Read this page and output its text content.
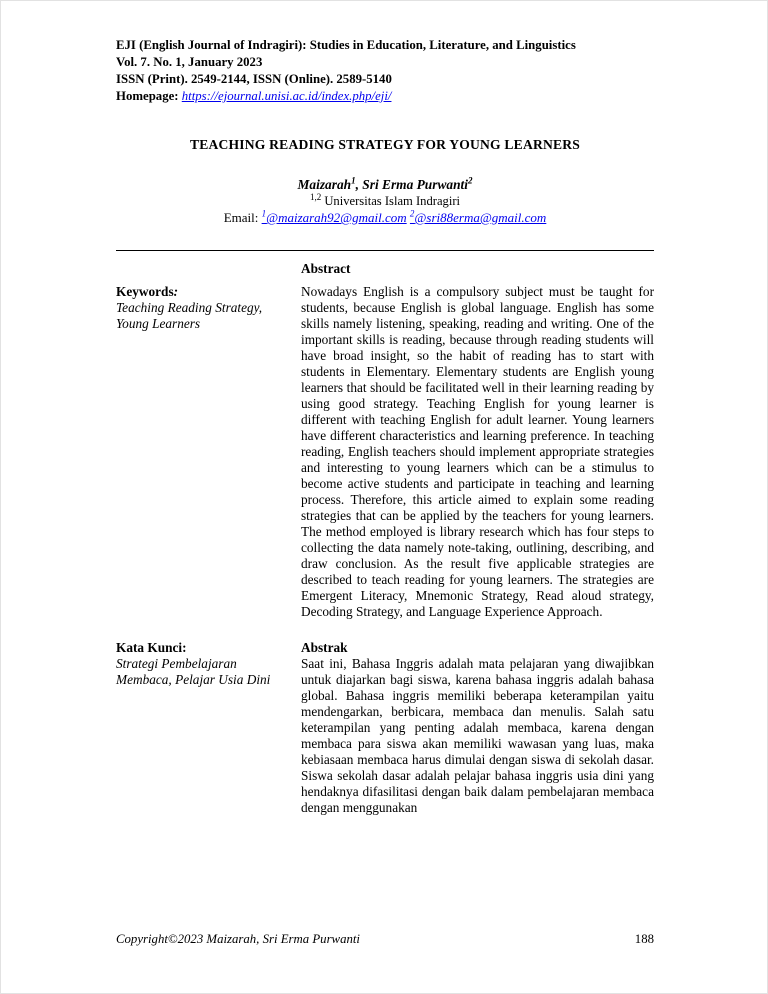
EJI (English Journal of Indragiri): Studies in Education, Literature, and Linguistics
Vol. 7. No. 1, January 2023
ISSN (Print). 2549-2144, ISSN (Online). 2589-5140
Homepage: https://ejournal.unisi.ac.id/index.php/eji/
TEACHING READING STRATEGY FOR YOUNG LEARNERS
Maizarah$^1$, Sri Erma Purwanti$^2$
$^{1,2}$ Universitas Islam Indragiri
Email: $^1$@maizarah92@gmail.com $^2$@sri88erma@gmail.com
Abstract
Keywords:
Teaching Reading Strategy, Young Learners

Nowadays English is a compulsory subject must be taught for students, because English is global language. English has some skills namely listening, speaking, reading and writing. One of the important skills is reading, because through reading students will have broad insight, so the habit of reading has to start with students in Elementary. Elementary students are English young learners that should be facilitated well in their learning reading by using good strategy. Teaching English for young learner is different with teaching English for adult learner. Young learners have different characteristics and learning preference. In teaching reading, English teachers should implement appropriate strategies and interesting to young learners which can be a stimulus to become active students and participate in teaching and learning process. Therefore, this article aimed to explain some reading strategies that can be applied by the teachers for young learners. The method employed is library research which has four steps to collecting the data namely note-taking, outlining, describing, and draw conclusion. As the result five applicable strategies are described to teach reading for young learners. The strategies are Emergent Literacy, Mnemonic Strategy, Read aloud strategy, Decoding Strategy, and Language Experience Approach.

Kata Kunci:	Abstrak
Strategi Pembelajaran Membaca, Pelajar Usia Dini

Saat ini, Bahasa Inggris adalah mata pelajaran yang diwajibkan untuk diajarkan bagi siswa, karena bahasa inggris adalah bahasa global. Bahasa inggris memiliki beberapa keterampilan yaitu mendengarkan, berbicara, membaca dan menulis. Salah satu keterampilan yang penting adalah membaca, karena dengan membaca para siswa akan memiliki wawasan yang luas, maka kebiasaan membaca harus dimulai dengan siswa di sekolah dasar. Siswa sekolah dasar adalah pelajar bahasa inggris usia dini yang hendaknya difasilitasi dengan baik dalam pembelajaran membaca dengan menggunakan

Copyright©2023 Maizarah, Sri Erma Purwanti	188
